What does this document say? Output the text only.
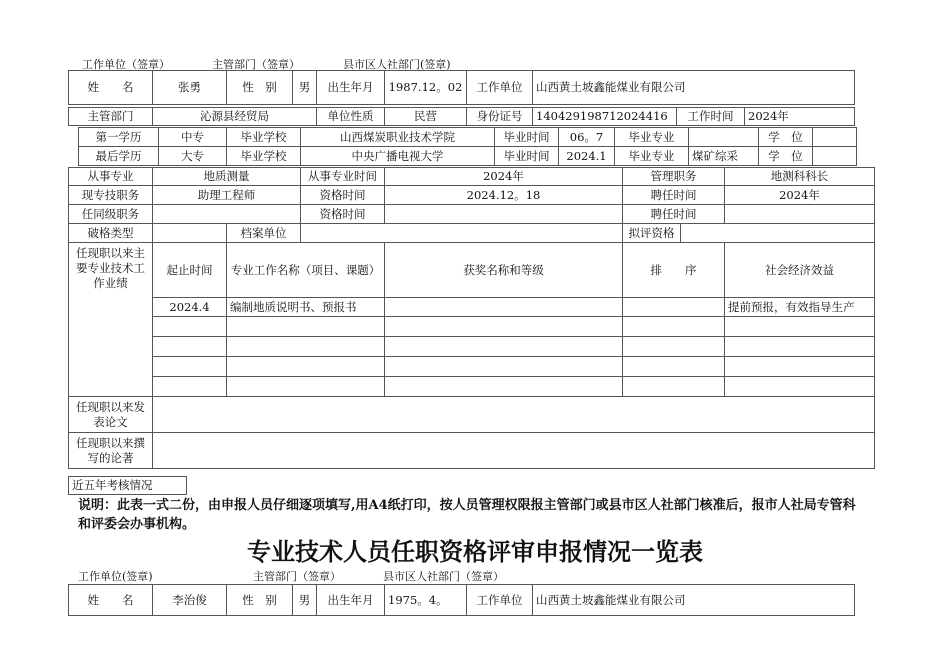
工作单位（签章）	主管部门（签章）	县市区人社部门(签章)
姓　　名	张勇	性　别	男	出生年月	1987.12。02	工作单位	山西黄土坡鑫能煤业有限公司
主管部门	沁源县经贸局	单位性质	民营	身份证号	140429198712024416	工作时间	2024年
第一学历	中专	毕业学校	山西煤炭职业技术学院	毕业时间	06。7	毕业专业		学　位	
最后学历	大专	毕业学校	中央广播电视大学	毕业时间	2024.1	毕业专业	煤矿综采	学　位	
从事专业	地质测量		从事专业时间	2024年	管理职务		地测科科长
现专技职务	助理工程师		资格时间	2024.12。18	聘任时间		2024年
任同级职务			资格时间		聘任时间		
破格类型		档案单位			拟评资格		
任现职以来主要专业技术工作业绩	起止时间	专业工作名称（项目、课题）		获奖名称和等级	排　　序		社会经济效益
	2024.4	编制地质说明书、预报书					提前预报，有效指导生产

任现职以来发表论文							
任现职以来撰写的论著							
近五年考核情况
说明：此表一式二份，由申报人员仔细逐项填写,用A4纸打印，按人员管理权限报主管部门或县市区人社部门核准后，报市人社局专管科和评委会办事机构。
专业技术人员任职资格评审申报情况一览表
工作单位(签章)	主管部门（签章）	县市区人社部门（签章）
姓　　名	李治俊	性　别	男	出生年月	1975。4。	工作单位	山西黄土坡鑫能煤业有限公司
